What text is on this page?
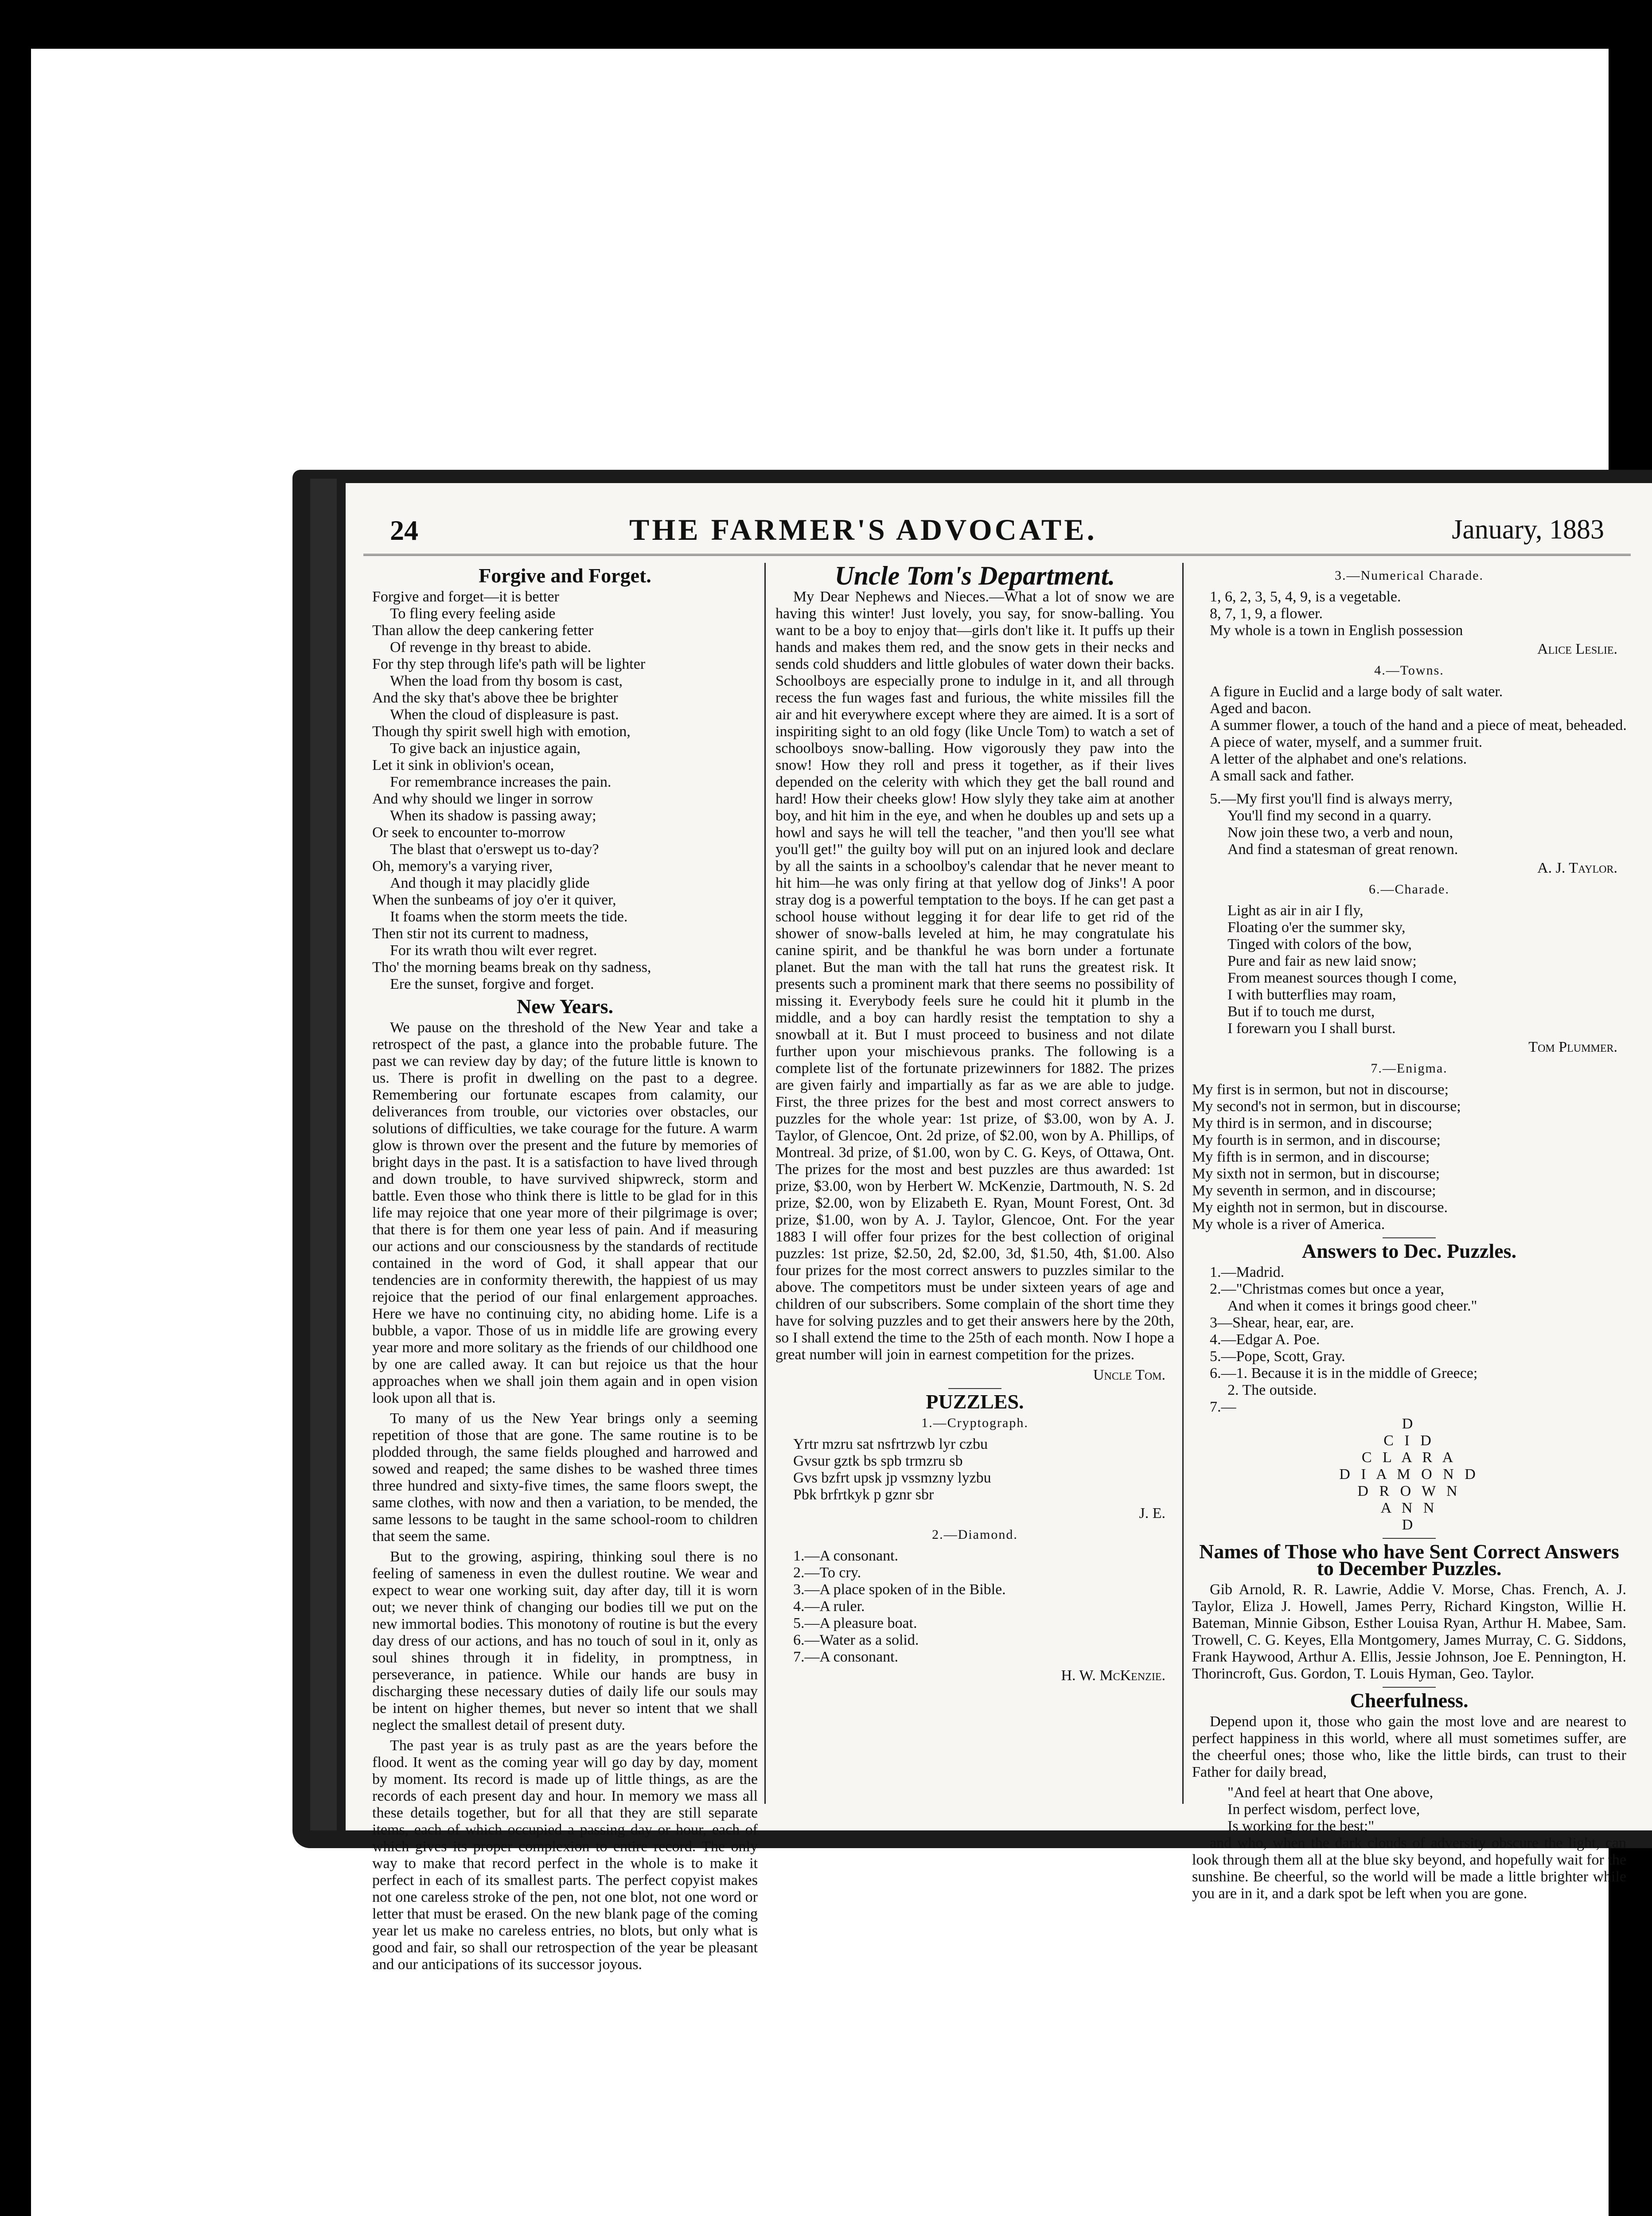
24	THE FARMER'S ADVOCATE.	January, 1883
Forgive and Forget.
Forgive and forget—it is better
To fling every feeling aside
Than allow the deep cankering fetter
Of revenge in thy breast to abide.
For thy step through life's path will be lighter
When the load from thy bosom is cast,
And the sky that's above thee be brighter
When the cloud of displeasure is past.
Though thy spirit swell high with emotion,
To give back an injustice again,
Let it sink in oblivion's ocean,
For remembrance increases the pain.
And why should we linger in sorrow
When its shadow is passing away;
Or seek to encounter to-morrow
The blast that o'erswept us to-day?
Oh, memory's a varying river,
And though it may placidly glide
When the sunbeams of joy o'er it quiver,
It foams when the storm meets the tide.
Then stir not its current to madness,
For its wrath thou wilt ever regret.
Tho' the morning beams break on thy sadness,
Ere the sunset, forgive and forget.
New Years.

We pause on the threshold of the New Year and take a retrospect of the past, a glance into the probable future. The past we can review day by day; of the future little is known to us. There is profit in dwelling on the past to a degree. Remembering our fortunate escapes from calamity, our deliverances from trouble, our victories over obstacles, our solutions of difficulties, we take courage for the future. A warm glow is thrown over the present and the future by memories of bright days in the past. It is a satisfaction to have lived through and down trouble, to have survived shipwreck, storm and battle. Even those who think there is little to be glad for in this life may rejoice that one year more of their pilgrimage is over; that there is for them one year less of pain. And if measuring our actions and our consciousness by the standards of rectitude contained in the word of God, it shall appear that our tendencies are in conformity therewith, the happiest of us may rejoice that the period of our final enlargement approaches. Here we have no continuing city, no abiding home. Life is a bubble, a vapor. Those of us in middle life are growing every year more and more solitary as the friends of our childhood one by one are called away. It can but rejoice us that the hour approaches when we shall join them again and in open vision look upon all that is.

To many of us the New Year brings only a seeming repetition of those that are gone. The same routine is to be plodded through, the same fields ploughed and harrowed and sowed and reaped; the same dishes to be washed three times three hundred and sixty-five times, the same floors swept, the same clothes, with now and then a variation, to be mended, the same lessons to be taught in the same school-room to children that seem the same.

But to the growing, aspiring, thinking soul there is no feeling of sameness in even the dullest routine. We wear and expect to wear one working suit, day after day, till it is worn out; we never think of changing our bodies till we put on the new immortal bodies. This monotony of routine is but the every day dress of our actions, and has no touch of soul in it, only as soul shines through it in fidelity, in promptness, in perseverance, in patience. While our hands are busy in discharging these necessary duties of daily life our souls may be intent on higher themes, but never so intent that we shall neglect the smallest detail of present duty.

The past year is as truly past as are the years before the flood. It went as the coming year will go day by day, moment by moment. Its record is made up of little things, as are the records of each present day and hour. In memory we mass all these details together, but for all that they are still separate items, each of which occupied a passing day or hour, each of which gives its proper complexion to entire record. The only way to make that record perfect in the whole is to make it perfect in each of its smallest parts. The perfect copyist makes not one careless stroke of the pen, not one blot, not one word or letter that must be erased. On the new blank page of the coming year let us make no careless entries, no blots, but only what is good and fair, so shall our retrospection of the year be pleasant and our anticipations of its successor joyous.

Uncle Tom's Department.

My Dear Nephews and Nieces.—What a lot of snow we are having this winter! Just lovely, you say, for snow-balling. You want to be a boy to enjoy that—girls don't like it. It puffs up their hands and makes them red, and the snow gets in their necks and sends cold shudders and little globules of water down their backs. Schoolboys are especially prone to indulge in it, and all through recess the fun wages fast and furious, the white missiles fill the air and hit everywhere except where they are aimed. It is a sort of inspiriting sight to an old fogy (like Uncle Tom) to watch a set of schoolboys snow-balling. How vigorously they paw into the snow! How they roll and press it together, as if their lives depended on the celerity with which they get the ball round and hard! How their cheeks glow! How slyly they take aim at another boy, and hit him in the eye, and when he doubles up and sets up a howl and says he will tell the teacher, "and then you'll see what you'll get!" the guilty boy will put on an injured look and declare by all the saints in a schoolboy's calendar that he never meant to hit him—he was only firing at that yellow dog of Jinks'! A poor stray dog is a powerful temptation to the boys. If he can get past a school house without legging it for dear life to get rid of the shower of snow-balls leveled at him, he may congratulate his canine spirit, and be thankful he was born under a fortunate planet. But the man with the tall hat runs the greatest risk. It presents such a prominent mark that there seems no possibility of missing it. Everybody feels sure he could hit it plumb in the middle, and a boy can hardly resist the temptation to shy a snowball at it. But I must proceed to business and not dilate further upon your mischievous pranks. The following is a complete list of the fortunate prizewinners for 1882. The prizes are given fairly and impartially as far as we are able to judge. First, the three prizes for the best and most correct answers to puzzles for the whole year: 1st prize, of $3.00, won by A. J. Taylor, of Glencoe, Ont. 2d prize, of $2.00, won by A. Phillips, of Montreal. 3d prize, of $1.00, won by C. G. Keys, of Ottawa, Ont. The prizes for the most and best puzzles are thus awarded: 1st prize, $3.00, won by Herbert W. McKenzie, Dartmouth, N. S. 2d prize, $2.00, won by Elizabeth E. Ryan, Mount Forest, Ont. 3d prize, $1.00, won by A. J. Taylor, Glencoe, Ont. For the year 1883 I will offer four prizes for the best collection of original puzzles: 1st prize, $2.50, 2d, $2.00, 3d, $1.50, 4th, $1.00. Also four prizes for the most correct answers to puzzles similar to the above. The competitors must be under sixteen years of age and children of our subscribers. Some complain of the short time they have for solving puzzles and to get their answers here by the 20th, so I shall extend the time to the 25th of each month. Now I hope a great number will join in earnest competition for the prizes.

Uncle Tom.
PUZZLES.
1.—Cryptograph.
Yrtr mzru sat nsfrtrzwb lyr czbu
Gvsur gztk bs spb trmzru sb
Gvs bzfrt upsk jp vssmzny lyzbu
Pbk brfrtkyk p gznr sbr
J. E.
2.—Diamond.
1.—A consonant.
2.—To cry.
3.—A place spoken of in the Bible.
4.—A ruler.
5.—A pleasure boat.
6.—Water as a solid.
7.—A consonant.
H. W. McKenzie.
3.—Numerical Charade.
1, 6, 2, 3, 5, 4, 9, is a vegetable.
8, 7, 1, 9, a flower.
My whole is a town in English possession
Alice Leslie.
4.—Towns.
A figure in Euclid and a large body of salt water.
Aged and bacon.
A summer flower, a touch of the hand and a piece of meat, beheaded.
A piece of water, myself, and a summer fruit.
A letter of the alphabet and one's relations.
A small sack and father.
5.—My first you'll find is always merry,
You'll find my second in a quarry.
Now join these two, a verb and noun,
And find a statesman of great renown.
A. J. Taylor.
6.—Charade.
Light as air in air I fly,
Floating o'er the summer sky,
Tinged with colors of the bow,
Pure and fair as new laid snow;
From meanest sources though I come,
I with butterflies may roam,
But if to touch me durst,
I forewarn you I shall burst.
Tom Plummer.
7.—Enigma.
My first is in sermon, but not in discourse;
My second's not in sermon, but in discourse;
My third is in sermon, and in discourse;
My fourth is in sermon, and in discourse;
My fifth is in sermon, and in discourse;
My sixth not in sermon, but in discourse;
My seventh in sermon, and in discourse;
My eighth not in sermon, but in discourse.
My whole is a river of America.
Answers to Dec. Puzzles.
1.—Madrid.
2.—"Christmas comes but once a year,
And when it comes it brings good cheer."
3—Shear, hear, ear, are.
4.—Edgar A. Poe.
5.—Pope, Scott, Gray.
6.—1. Because it is in the middle of Greece;
2. The outside.
7.—
D
C I D
C L A R A
D I A M O N D
D R O W N
A N N
D
Names of Those who have Sent Correct Answers to December Puzzles.

Gib Arnold, R. R. Lawrie, Addie V. Morse, Chas. French, A. J. Taylor, Eliza J. Howell, James Perry, Richard Kingston, Willie H. Bateman, Minnie Gibson, Esther Louisa Ryan, Arthur H. Mabee, Sam. Trowell, C. G. Keyes, Ella Montgomery, James Murray, C. G. Siddons, Frank Haywood, Arthur A. Ellis, Jessie Johnson, Joe E. Pennington, H. Thorincroft, Gus. Gordon, T. Louis Hyman, Geo. Taylor.

Cheerfulness.

Depend upon it, those who gain the most love and are nearest to perfect happiness in this world, where all must sometimes suffer, are the cheerful ones; those who, like the little birds, can trust to their Father for daily bread,

"And feel at heart that One above,
In perfect wisdom, perfect love,
Is working for the best;"

and who, when the dark clouds of adversity obscure the light, can look through them all at the blue sky beyond, and hopefully wait for the sunshine. Be cheerful, so the world will be made a little brighter while you are in it, and a dark spot be left when you are gone.
